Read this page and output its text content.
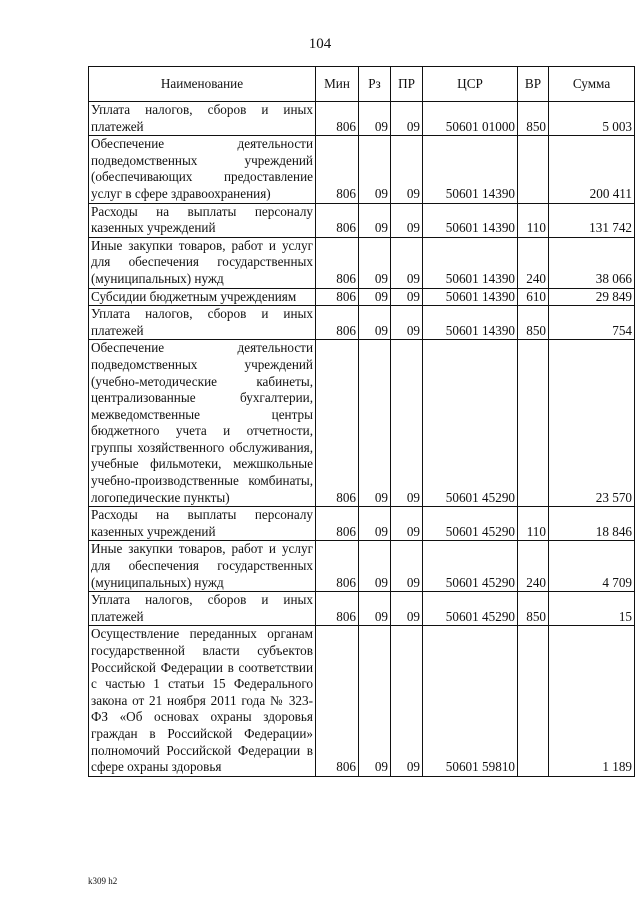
104
Наименование	Мин	Рз	ПР	ЦСР	ВР	Сумма
Уплата налогов, сборов и иных платежей	806	09	09	50601 01000	850	5 003
Обеспечение деятельности подведомственных учреждений (обеспечивающих предоставление услуг в сфере здравоохранения)	806	09	09	50601 14390		200 411
Расходы на выплаты персоналу казенных учреждений	806	09	09	50601 14390	110	131 742
Иные закупки товаров, работ и услуг для обеспечения государственных (муниципальных) нужд	806	09	09	50601 14390	240	38 066
Субсидии бюджетным учреждениям	806	09	09	50601 14390	610	29 849
Уплата налогов, сборов и иных платежей	806	09	09	50601 14390	850	754
Обеспечение деятельности подведомственных учреждений (учебно-методические кабинеты, централизованные бухгалтерии, межведомственные центры бюджетного учета и отчетности, группы хозяйственного обслуживания, учебные фильмотеки, межшкольные учебно-производственные комбинаты, логопедические пункты)	806	09	09	50601 45290		23 570
Расходы на выплаты персоналу казенных учреждений	806	09	09	50601 45290	110	18 846
Иные закупки товаров, работ и услуг для обеспечения государственных (муниципальных) нужд	806	09	09	50601 45290	240	4 709
Уплата налогов, сборов и иных платежей	806	09	09	50601 45290	850	15
Осуществление переданных органам государственной власти субъектов Российской Федерации в соответствии с частью 1 статьи 15 Федерального закона от 21 ноября 2011 года № 323-ФЗ «Об основах охраны здоровья граждан в Российской Федерации» полномочий Российской Федерации в сфере охраны здоровья	806	09	09	50601 59810		1 189
k309 h2
